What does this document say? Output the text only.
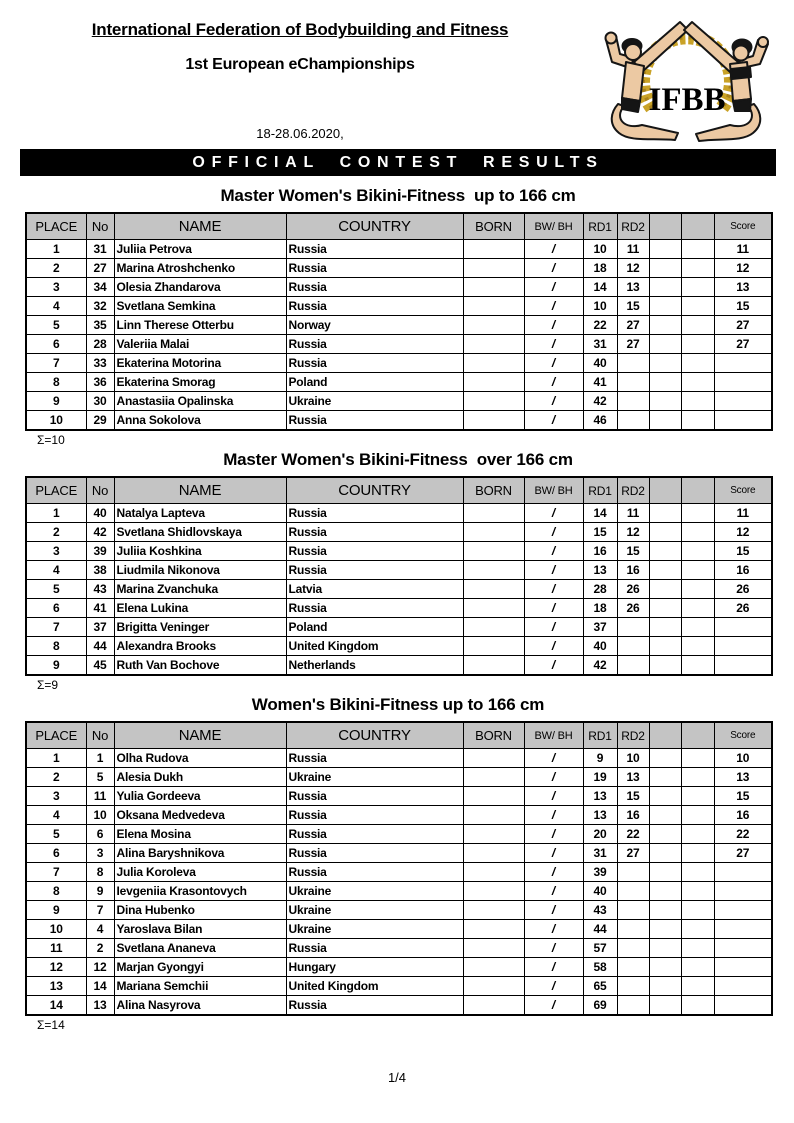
International Federation of Bodybuilding and Fitness
1st European eChampionships
18-28.06.2020,
IFBB
OFFICIAL CONTEST RESULTS
Master Women's Bikini-Fitness  up to 166 cm
PLACE	No	NAME	COUNTRY	BORN	BW/ BH	RD1	RD2			Score
1	31	Juliia Petrova	Russia		/	10	11			11
2	27	Marina Atroshchenko	Russia		/	18	12			12
3	34	Olesia Zhandarova	Russia		/	14	13			13
4	32	Svetlana Semkina	Russia		/	10	15			15
5	35	Linn Therese Otterbu	Norway		/	22	27			27
6	28	Valeriia Malai	Russia		/	31	27			27
7	33	Ekaterina Motorina	Russia		/	40				
8	36	Ekaterina Smorag	Poland		/	41				
9	30	Anastasiia Opalinska	Ukraine		/	42				
10	29	Anna Sokolova	Russia		/	46				
Σ=10
Master Women's Bikini-Fitness  over 166 cm
PLACE	No	NAME	COUNTRY	BORN	BW/ BH	RD1	RD2			Score
1	40	Natalya Lapteva	Russia		/	14	11			11
2	42	Svetlana Shidlovskaya	Russia		/	15	12			12
3	39	Juliia Koshkina	Russia		/	16	15			15
4	38	Liudmila Nikonova	Russia		/	13	16			16
5	43	Marina Zvanchuka	Latvia		/	28	26			26
6	41	Elena Lukina	Russia		/	18	26			26
7	37	Brigitta Veninger	Poland		/	37				
8	44	Alexandra Brooks	United Kingdom		/	40				
9	45	Ruth Van Bochove	Netherlands		/	42				
Σ=9
Women's Bikini-Fitness up to 166 cm
PLACE	No	NAME	COUNTRY	BORN	BW/ BH	RD1	RD2			Score
1	1	Olha Rudova	Russia		/	9	10			10
2	5	Alesia Dukh	Ukraine		/	19	13			13
3	11	Yulia Gordeeva	Russia		/	13	15			15
4	10	Oksana Medvedeva	Russia		/	13	16			16
5	6	Elena Mosina	Russia		/	20	22			22
6	3	Alina Baryshnikova	Russia		/	31	27			27
7	8	Julia Koroleva	Russia		/	39				
8	9	Ievgeniia Krasontovych	Ukraine		/	40				
9	7	Dina Hubenko	Ukraine		/	43				
10	4	Yaroslava Bilan	Ukraine		/	44				
11	2	Svetlana Ananeva	Russia		/	57				
12	12	Marjan Gyongyi	Hungary		/	58				
13	14	Mariana Semchii	United Kingdom		/	65				
14	13	Alina Nasyrova	Russia		/	69				
Σ=14
1/4
